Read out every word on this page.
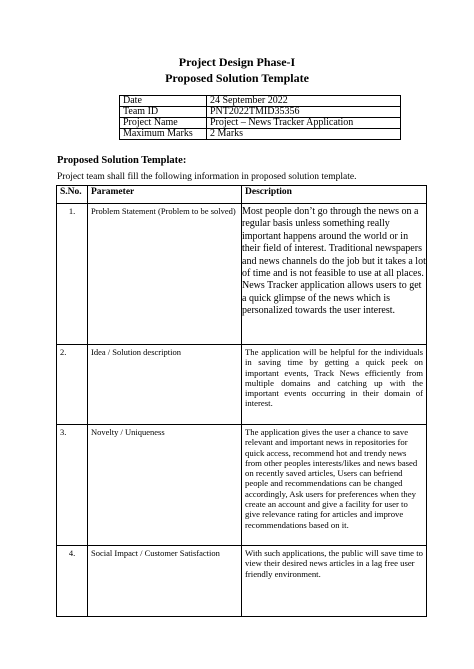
Project Design Phase-I
Proposed Solution Template
Date	24 September 2022
Team ID	PNT2022TMID35356
Project Name	Project – News Tracker Application
Maximum Marks	2 Marks
Proposed Solution Template:
Project team shall fill the following information in proposed solution template.
S.No.	Parameter	Description
1.	Problem Statement (Problem to be solved)	Most people don’t go through the news on a regular basis unless something really important happens around the world or in their field of interest. Traditional newspapers and news channels do the job but it takes a lot of time and is not feasible to use at all places. News Tracker application allows users to get a quick glimpse of the news which is personalized towards the user interest.
2.	Idea / Solution description	The application will be helpful for the individuals in saving time by getting a quick peek on important events, Track News efficiently from multiple domains and catching up with the important events occurring in their domain of interest.
3.	Novelty / Uniqueness	The application gives the user a chance to save relevant and important news in repositories for quick access, recommend hot and trendy news from other peoples interests/likes and news based on recently saved articles, Users can befriend people and recommendations can be changed accordingly, Ask users for preferences when they create an account and give a facility for user to give relevance rating for articles and improve recommendations based on it.
4.	Social Impact / Customer Satisfaction	With such applications, the public will save time to view their desired news articles in a lag free user friendly environment.
